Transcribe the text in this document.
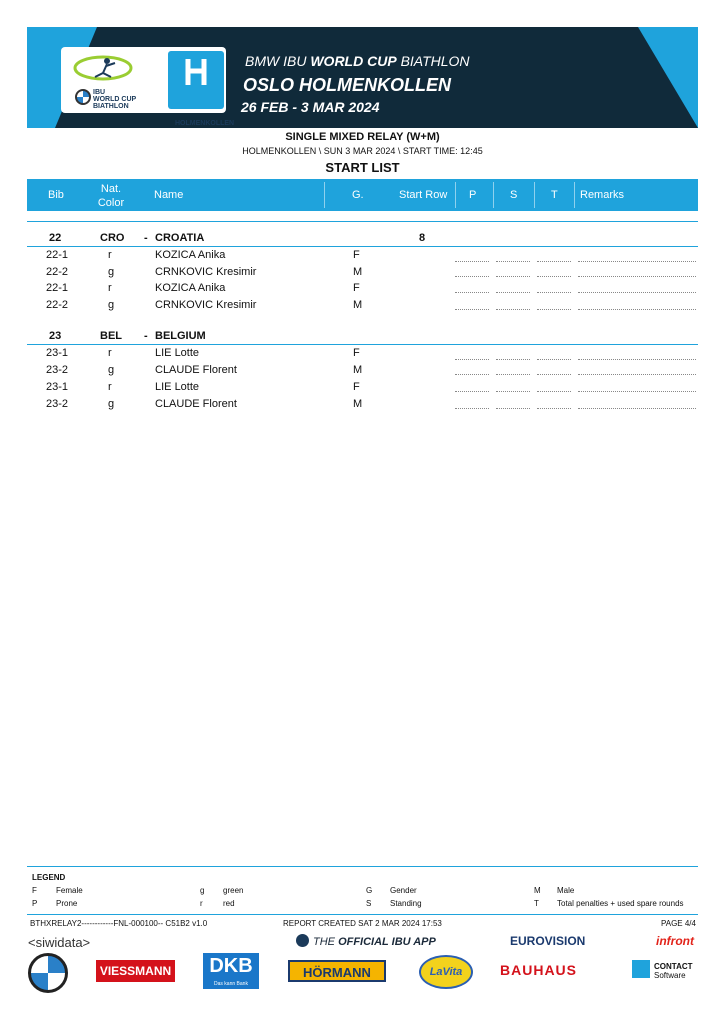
IBU
WORLD CUP
BIATHLON
HOLMENKOLLEN
BMW IBU WORLD CUP BIATHLON
OSLO HOLMENKOLLEN
26 FEB - 3 MAR 2024
SINGLE MIXED RELAY (W+M)
HOLMENKOLLEN \ SUN 3 MAR 2024 \ START TIME: 12:45
START LIST
Bib	Nat.
Color
Name	G.	Start Row P	S	T Remarks
22	CRO - CROATIA	8
22-1	r	KOZICA Anika	F
22-2	g	CRNKOVIC Kresimir	M
22-1	r	KOZICA Anika	F
22-2	g	CRNKOVIC Kresimir	M
23	BEL - BELGIUM
23-1	r	LIE Lotte	F
23-2	g	CLAUDE Florent	M
23-1	r	LIE Lotte	F
23-2	g	CLAUDE Florent	M
LEGEND
F Female	g green	G Gender	M Male
P Prone	r	red	S Standing	T Total penalties + used spare rounds
BTHXRELAY2------------FNL-000100-- C51B2 v1.0	REPORT CREATED SAT 2 MAR 2024 17:53	PAGE 4/4
<siwidata>	THE OFFICIAL IBU APP	EUROVISION	infront
VIESSMANN	DKB
Das kann Bank
HÖRMANN	LaVita	BAUHAUS	CONTACT
Software
